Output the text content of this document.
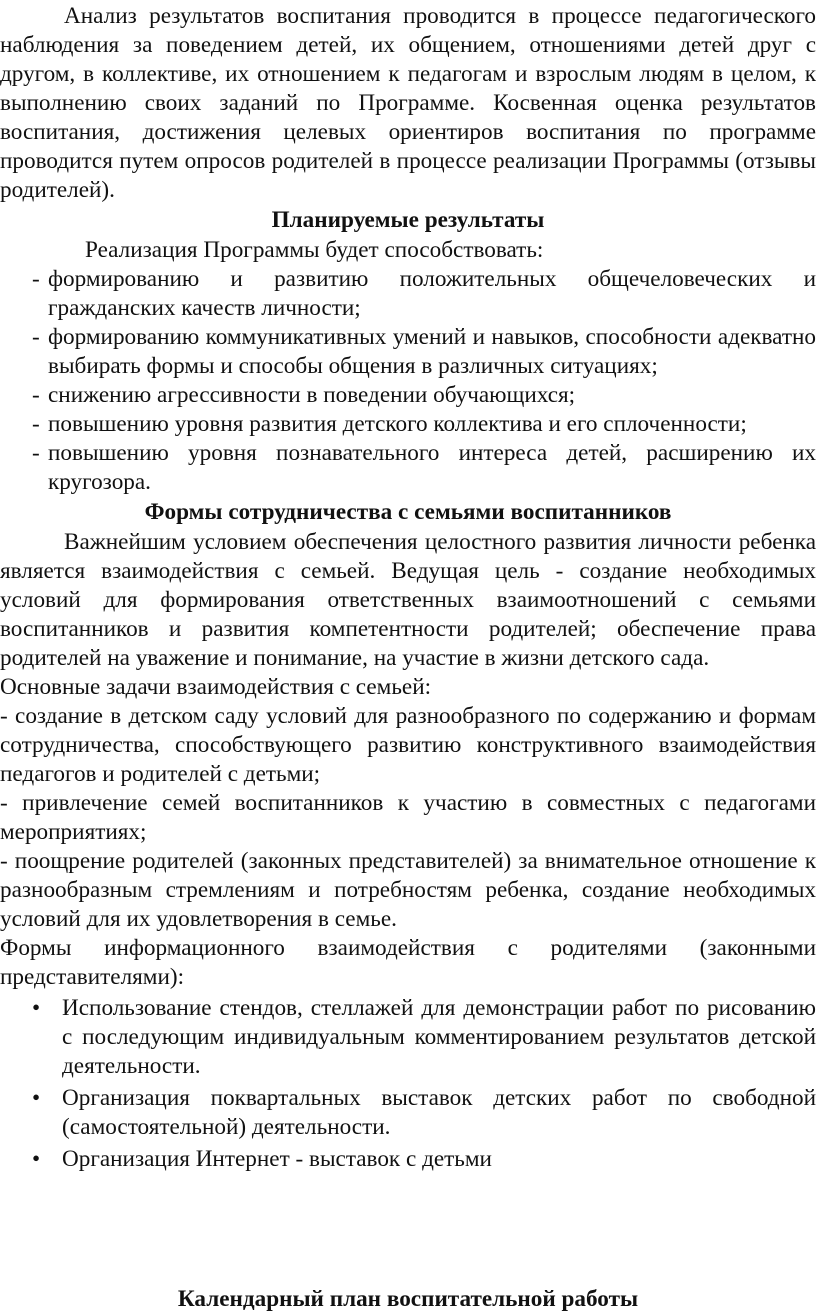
Анализ результатов воспитания проводится в процессе педагогического наблюдения за поведением детей, их общением, отношениями детей друг с другом, в коллективе, их отношением к педагогам и взрослым людям в целом, к выполнению своих заданий по Программе. Косвенная оценка результатов воспитания, достижения целевых ориентиров воспитания по программе проводится путем опросов родителей в процессе реализации Программы (отзывы родителей).

Планируемые результаты

Реализация Программы будет способствовать:

- формированию и развитию положительных общечеловеческих и гражданских качеств личности;
- формированию коммуникативных умений и навыков, способности адекватно выбирать формы и способы общения в различных ситуациях;
- снижению агрессивности в поведении обучающихся;
- повышению уровня развития детского коллектива и его сплоченности;
- повышению уровня познавательного интереса детей, расширению их кругозора.

Формы сотрудничества с семьями воспитанников

Важнейшим условием обеспечения целостного развития личности ребенка является взаимодействия с семьей. Ведущая цель - создание необходимых условий для формирования ответственных взаимоотношений с семьями воспитанников и развития компетентности родителей; обеспечение права родителей на уважение и понимание, на участие в жизни детского сада.

Основные задачи взаимодействия с семьей:

- создание в детском саду условий для разнообразного по содержанию и формам сотрудничества, способствующего развитию конструктивного взаимодействия педагогов и родителей с детьми;

- привлечение семей воспитанников к участию в совместных с педагогами мероприятиях;

- поощрение родителей (законных представителей) за внимательное отношение к разнообразным стремлениям и потребностям ребенка, создание необходимых условий для их удовлетворения в семье.

Формы информационного взаимодействия с родителями (законными представителями):

• Использование стендов, стеллажей для демонстрации работ по рисованию с последующим индивидуальным комментированием результатов детской деятельности.
• Организация поквартальных выставок детских работ по свободной (самостоятельной) деятельности.
• Организация Интернет - выставок с детьми

Календарный план воспитательной работы
